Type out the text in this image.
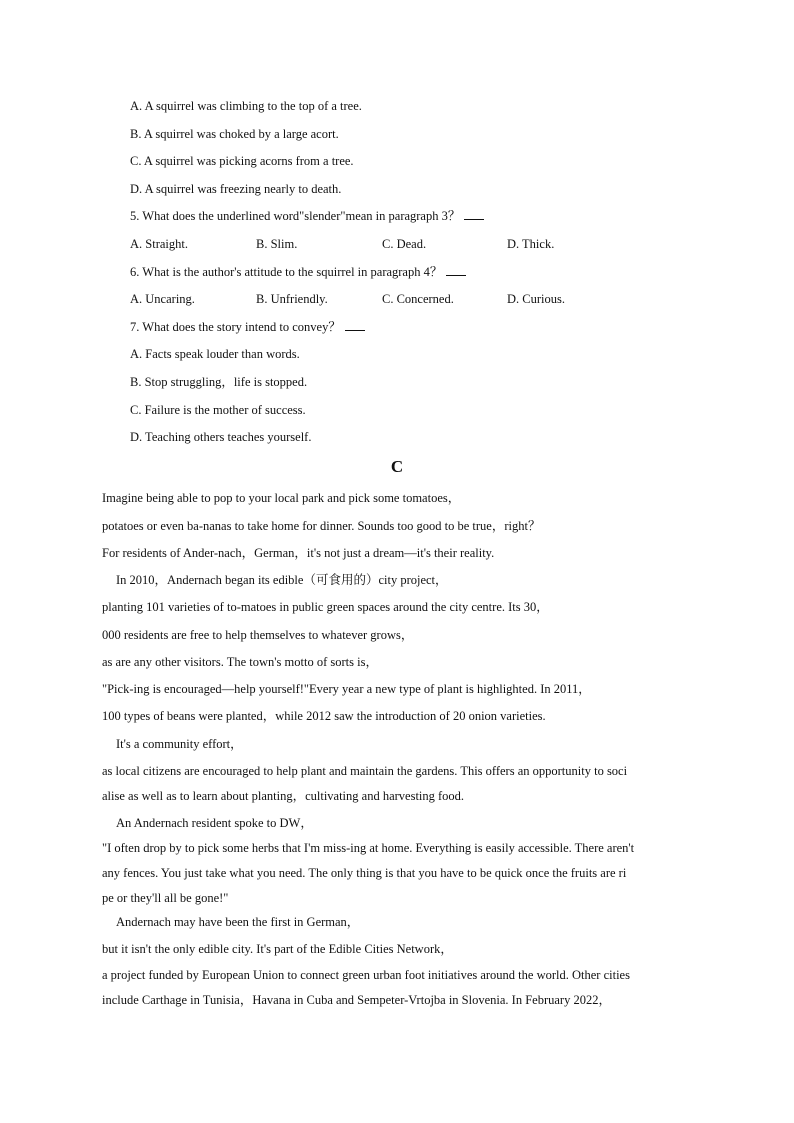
A. A squirrel was climbing to the top of a tree.
B. A squirrel was choked by a large acort.
C. A squirrel was picking acorns from a tree.
D. A squirrel was freezing nearly to death.
5. What does the underlined word"slender"mean in paragraph 3？
A. Straight.	B. Slim.	C. Dead.	D. Thick.
6. What is the author's attitude to the squirrel in paragraph 4？
A. Uncaring.	B. Unfriendly.	C. Concerned.	D. Curious.
7. What does the story intend to convey？
A. Facts speak louder than words.
B. Stop struggling，life is stopped.
C. Failure is the mother of success.
D. Teaching others teaches yourself.
C
Imagine being able to pop to your local park and pick some tomatoes，
potatoes or even ba-nanas to take home for dinner. Sounds too good to be true，right？
For residents of Ander-nach，German，it's not just a dream—it's their reality.
In 2010，Andernach began its edible（可食用的）city project，
planting 101 varieties of to-matoes in public green spaces around the city centre. Its 30，
000 residents are free to help themselves to whatever grows，
as are any other visitors. The town's motto of sorts is，
"Pick-ing is encouraged—help yourself!"Every year a new type of plant is highlighted. In 2011，
100 types of beans were planted，while 2012 saw the introduction of 20 onion varieties.
It's a community effort，
as local citizens are encouraged to help plant and maintain the gardens. This offers an opportunity to soci
alise as well as to learn about planting，cultivating and harvesting food.
An Andernach resident spoke to DW，
"I often drop by to pick some herbs that I'm miss-ing at home. Everything is easily accessible. There aren't
any fences. You just take what you need. The only thing is that you have to be quick once the fruits are ri
pe or they'll all be gone!"
Andernach may have been the first in German，
but it isn't the only edible city. It's part of the Edible Cities Network，
a project funded by European Union to connect green urban foot initiatives around the world. Other cities
include Carthage in Tunisia，Havana in Cuba and Sempeter-Vrtojba in Slovenia. In February 2022，
